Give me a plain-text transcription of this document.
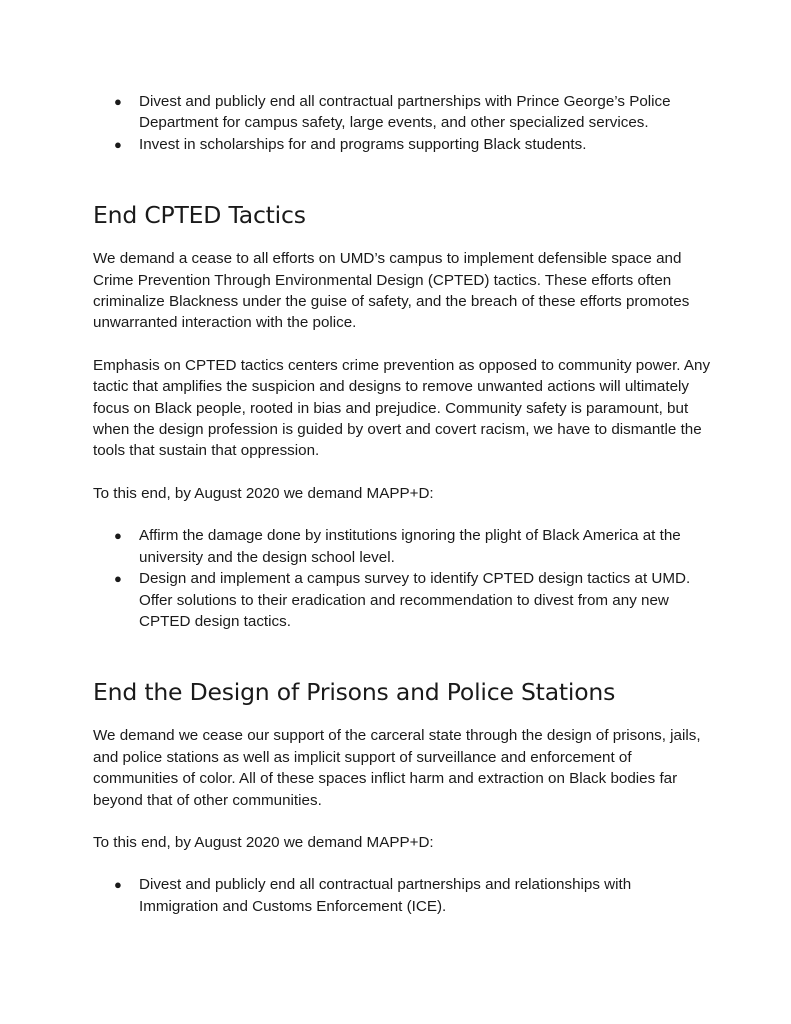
● Divest and publicly end all contractual partnerships with Prince George’s Police Department for campus safety, large events, and other specialized services.
● Invest in scholarships for and programs supporting Black students.
End CPTED Tactics

We demand a cease to all efforts on UMD’s campus to implement defensible space and Crime Prevention Through Environmental Design (CPTED) tactics. These efforts often criminalize Blackness under the guise of safety, and the breach of these efforts promotes unwarranted interaction with the police.

Emphasis on CPTED tactics centers crime prevention as opposed to community power. Any tactic that amplifies the suspicion and designs to remove unwanted actions will ultimately focus on Black people, rooted in bias and prejudice. Community safety is paramount, but when the design profession is guided by overt and covert racism, we have to dismantle the tools that sustain that oppression.

To this end, by August 2020 we demand MAPP+D:

● Affirm the damage done by institutions ignoring the plight of Black America at the university and the design school level.
● Design and implement a campus survey to identify CPTED design tactics at UMD. Offer solutions to their eradication and recommendation to divest from any new CPTED design tactics.
End the Design of Prisons and Police Stations

We demand we cease our support of the carceral state through the design of prisons, jails, and police stations as well as implicit support of surveillance and enforcement of communities of color. All of these spaces inflict harm and extraction on Black bodies far beyond that of other communities.

To this end, by August 2020 we demand MAPP+D:

● Divest and publicly end all contractual partnerships and relationships with Immigration and Customs Enforcement (ICE).
